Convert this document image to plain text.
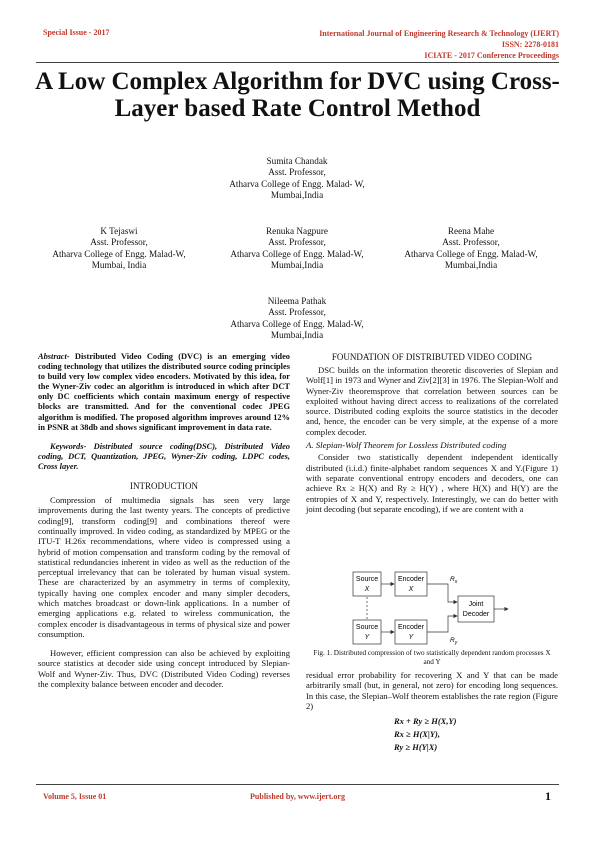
Special Issue - 2017	International Journal of Engineering Research & Technology (IJERT)
ISSN: 2278-0181
ICIATE - 2017 Conference Proceedings
A Low Complex Algorithm for DVC using Cross-Layer based Rate Control Method
Sumita Chandak
Asst. Professor,
Atharva College of Engg. Malad- W,
Mumbai,India
K Tejaswi
Asst. Professor,
Atharva College of Engg. Malad-W,
Mumbai, India
Renuka Nagpure
Asst. Professor,
Atharva College of Engg. Malad-W,
Mumbai,India
Reena Mahe
Asst. Professor,
Atharva College of Engg. Malad-W,
Mumbai,India
Nileema Pathak
Asst. Professor,
Atharva College of Engg. Malad-W,
Mumbai,India

Abstract- Distributed Video Coding (DVC) is an emerging video coding technology that utilizes the distributed source coding principles to build very low complex video encoders. Motivated by this idea, for the Wyner-Ziv codec an algorithm is introduced in which after DCT only DC coefficients which contain maximum energy of respective blocks are transmitted. And for the conventional codec JPEG algorithm is modified. The proposed algorithm improves around 12% in PSNR at 38db and shows significant improvement in data rate.

Keywords- Distributed source coding(DSC), Distributed Video coding, DCT, Quantization, JPEG, Wyner-Ziv coding, LDPC codes, Cross layer.

INTRODUCTION

Compression of multimedia signals has seen very large improvements during the last twenty years. The concepts of predictive coding[9], transform coding[9] and combinations thereof were continually improved. In video coding, as standardized by MPEG or the ITU-T H.26x recommendations, where video is compressed using a hybrid of motion compensation and transform coding by the removal of statistical redundancies inherent in video as well as the reduction of the perceptual irrelevancy that can be tolerated by human visual system. These are characterized by an asymmetry in terms of complexity, typically having one complex encoder and many simpler decoders, which matches broadcast or down-link applications. In a number of emerging applications e.g. related to wireless communication, the complex encoder is disadvantageous in terms of physical size and power consumption.

However, efficient compression can also be achieved by exploiting source statistics at decoder side using concept introduced by Slepian-Wolf and Wyner-Ziv. Thus, DVC (Distributed Video Coding) reverses the complexity balance between encoder and decoder.

FOUNDATION OF DISTRIBUTED VIDEO CODING

DSC builds on the information theoretic discoveries of Slepian and Wolf[1] in 1973 and Wyner and Ziv[2][3] in 1976. The Slepian-Wolf and Wyner-Ziv theoremsprove that correlation between sources can be exploited without having direct access to realizations of the correlated source. Distributed coding exploits the source statistics in the decoder and, hence, the encoder can be very simple, at the expense of a more complex decoder.

A. Slepian-Wolf Theorem for Lossless Distributed coding

Consider two statistically dependent independent identically distributed (i.i.d.) finite-alphabet random sequences X and Y.(Figure 1) with separate conventional entropy encoders and decoders, one can achieve Rx ≥ H(X) and Ry ≥ H(Y) , where H(X) and H(Y) are the entropies of X and Y, respectively. Interestingly, we can do better with joint decoding (but separate encoding), if we are content with a

Source
X
Encoder
X
Source
Y
Encoder
Y
Joint
Decoder
$R_x$
$R_y$
Fig. 1. Distributed compression of two statistically dependent random processes X and Y
residual error probability for recovering X and Y that can be made arbitrarily small (but, in general, not zero) for encoding long sequences. In this case, the Slepian–Wolf theorem establishes the rate region (Figure 2)
Rx + Ry ≥ H(X,Y)
Rx ≥ H(X|Y),
Ry ≥ H(Y|X)
Volume 5, Issue 01	Published by, www.ijert.org	1
